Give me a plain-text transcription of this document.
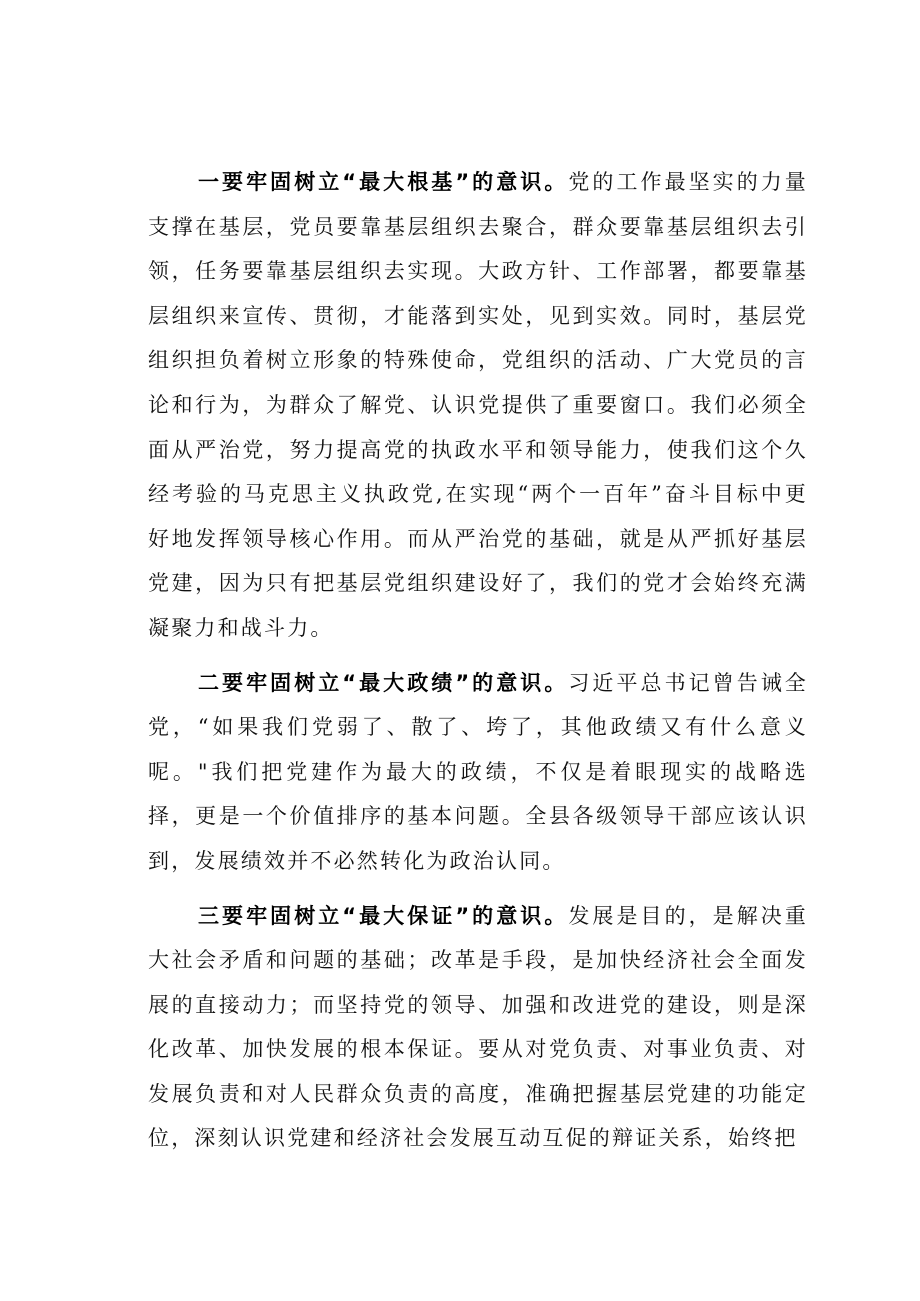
一要牢固树立“最大根基”的意识。党的工作最坚实的力量支撑在基层，党员要靠基层组织去聚合，群众要靠基层组织去引领，任务要靠基层组织去实现。大政方针、工作部署，都要靠基层组织来宣传、贯彻，才能落到实处，见到实效。同时，基层党组织担负着树立形象的特殊使命，党组织的活动、广大党员的言论和行为，为群众了解党、认识党提供了重要窗口。我们必须全面从严治党，努力提高党的执政水平和领导能力，使我们这个久经考验的马克思主义执政党,在实现“两个一百年”奋斗目标中更好地发挥领导核心作用。而从严治党的基础，就是从严抓好基层党建，因为只有把基层党组织建设好了，我们的党才会始终充满凝聚力和战斗力。

二要牢固树立“最大政绩”的意识。习近平总书记曾告诫全党，“如果我们党弱了、散了、垮了，其他政绩又有什么意义呢。"我们把党建作为最大的政绩，不仅是着眼现实的战略选择，更是一个价值排序的基本问题。全县各级领导干部应该认识到，发展绩效并不必然转化为政治认同。

三要牢固树立“最大保证”的意识。发展是目的，是解决重大社会矛盾和问题的基础；改革是手段，是加快经济社会全面发展的直接动力；而坚持党的领导、加强和改进党的建设，则是深化改革、加快发展的根本保证。要从对党负责、对事业负责、对发展负责和对人民群众负责的高度，准确把握基层党建的功能定位，深刻认识党建和经济社会发展互动互促的辩证关系，始终把
